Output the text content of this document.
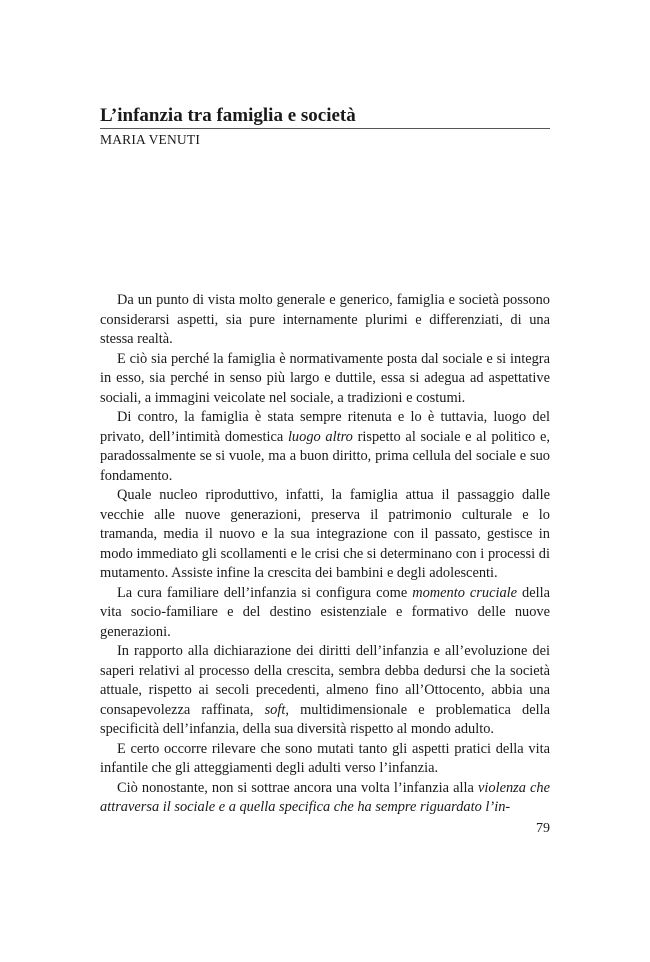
L’infanzia tra famiglia e società
MARIA VENUTI

Da un punto di vista molto generale e generico, famiglia e società possono considerarsi aspetti, sia pure internamente plurimi e differenziati, di una stessa realtà.

E ciò sia perché la famiglia è normativamente posta dal sociale e si integra in esso, sia perché in senso più largo e duttile, essa si adegua ad aspettative sociali, a immagini veicolate nel sociale, a tradizioni e costumi.

Di contro, la famiglia è stata sempre ritenuta e lo è tuttavia, luogo del privato, dell’intimità domestica luogo altro rispetto al sociale e al politico e, paradossalmente se si vuole, ma a buon diritto, prima cellula del sociale e suo fondamento.

Quale nucleo riproduttivo, infatti, la famiglia attua il passaggio dalle vecchie alle nuove generazioni, preserva il patrimonio culturale e lo tramanda, media il nuovo e la sua integrazione con il passato, gestisce in modo immediato gli scollamenti e le crisi che si determinano con i processi di mutamento. Assiste infine la crescita dei bambini e degli adolescenti.

La cura familiare dell’infanzia si configura come momento cruciale della vita socio-familiare e del destino esistenziale e formativo delle nuove generazioni.

In rapporto alla dichiarazione dei diritti dell’infanzia e all’evoluzione dei saperi relativi al processo della crescita, sembra debba dedursi che la società attuale, rispetto ai secoli precedenti, almeno fino all’Ottocento, abbia una consapevolezza raffinata, soft, multidimensionale e problematica della specificità dell’infanzia, della sua diversità rispetto al mondo adulto.

E certo occorre rilevare che sono mutati tanto gli aspetti pratici della vita infantile che gli atteggiamenti degli adulti verso l’infanzia.

Ciò nonostante, non si sottrae ancora una volta l’infanzia alla violenza che attraversa il sociale e a quella specifica che ha sempre riguardato l’in-

79
